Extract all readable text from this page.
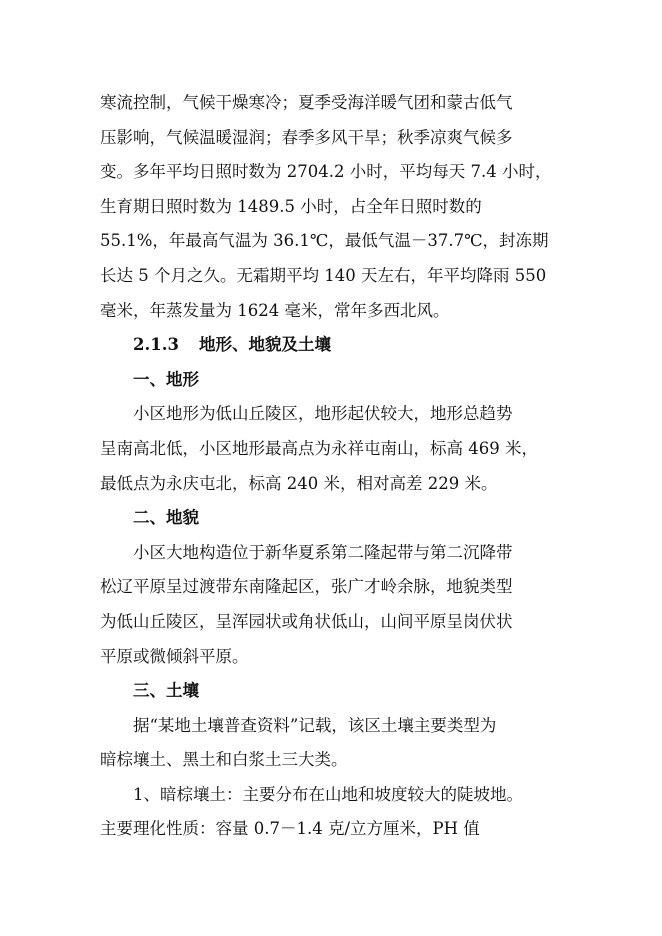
寒流控制，气候干燥寒冷；夏季受海洋暖气团和蒙古低气
压影响，气候温暖湿润；春季多风干旱；秋季凉爽气候多
变。多年平均日照时数为 2704.2 小时，平均每天 7.4 小时，
生育期日照时数为 1489.5 小时，占全年日照时数的
55.1%，年最高气温为 36.1℃，最低气温－37.7℃，封冻期
长达 5 个月之久。无霜期平均 140 天左右，年平均降雨 550
毫米，年蒸发量为 1624 毫米，常年多西北风。
2.1.3 地形、地貌及土壤
一、地形
小区地形为低山丘陵区，地形起伏较大，地形总趋势
呈南高北低，小区地形最高点为永祥屯南山，标高 469 米，
最低点为永庆屯北，标高 240 米，相对高差 229 米。
二、地貌
小区大地构造位于新华夏系第二隆起带与第二沉降带
松辽平原呈过渡带东南隆起区，张广才岭余脉，地貌类型
为低山丘陵区，呈浑园状或角状低山，山间平原呈岗伏状
平原或微倾斜平原。
三、土壤
据“某地土壤普查资料”记载，该区土壤主要类型为
暗棕壤土、黑土和白浆土三大类。
1、暗棕壤土：主要分布在山地和坡度较大的陡坡地。
主要理化性质：容量 0.7－1.4 克/立方厘米，PH 值
